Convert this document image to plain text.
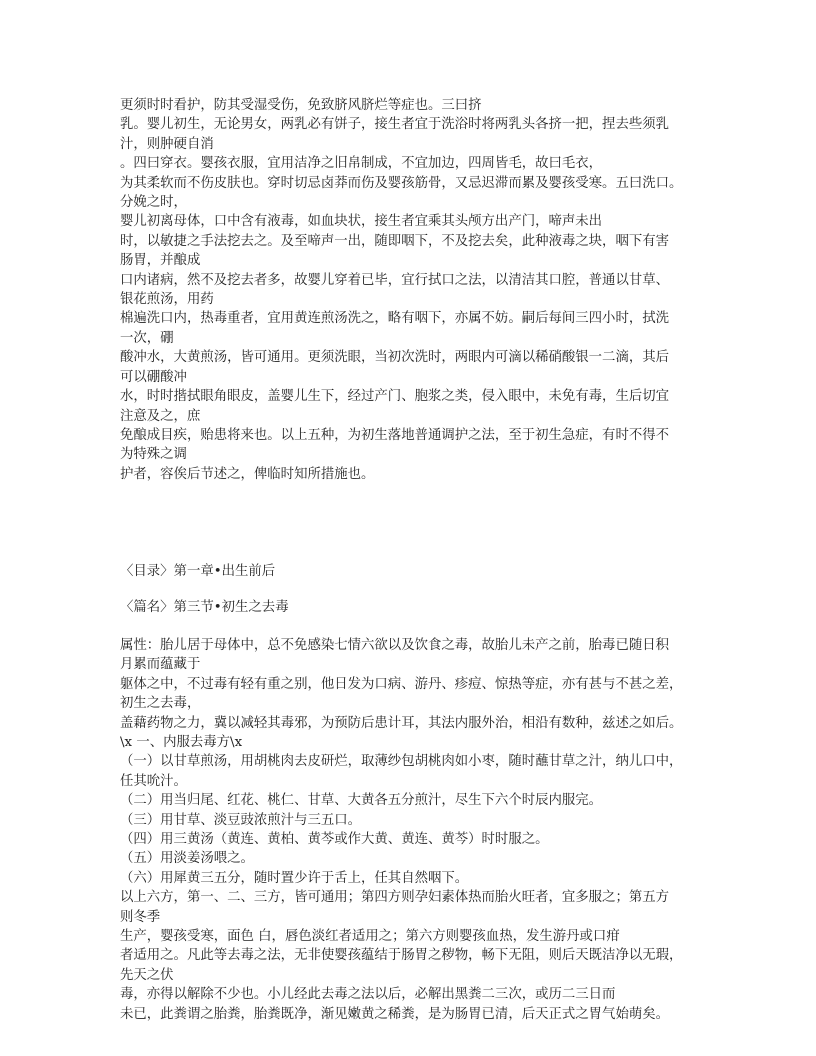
更须时时看护，防其受湿受伤，免致脐风脐烂等症也。三曰挤
乳。婴儿初生，无论男女，两乳必有饼子，接生者宜于洗浴时将两乳头各挤一把，捏去些须乳
汁，则肿硬自消
。四曰穿衣。婴孩衣服，宜用洁净之旧帛制成，不宜加边，四周皆毛，故曰毛衣，
为其柔软而不伤皮肤也。穿时切忌卤莽而伤及婴孩筋骨，又忌迟滞而累及婴孩受寒。五曰洗口。
分娩之时，
婴儿初离母体，口中含有液毒，如血块状，接生者宜乘其头颅方出产门，啼声未出
时，以敏捷之手法挖去之。及至啼声一出，随即咽下，不及挖去矣，此种液毒之块，咽下有害
肠胃，并酿成
口内诸病，然不及挖去者多，故婴儿穿着已毕，宜行拭口之法，以清洁其口腔，普通以甘草、
银花煎汤，用药
棉遍洗口内，热毒重者，宜用黄连煎汤洗之，略有咽下，亦属不妨。嗣后每间三四小时，拭洗
一次，硼
酸冲水，大黄煎汤，皆可通用。更须洗眼，当初次洗时，两眼内可滴以稀硝酸银一二滴，其后
可以硼酸冲
水，时时揩拭眼角眼皮，盖婴儿生下，经过产门、胞浆之类，侵入眼中，未免有毒，生后切宜
注意及之，庶
免酿成目疾，贻患将来也。以上五种，为初生落地普通调护之法，至于初生急症，有时不得不
为特殊之调
护者，容俟后节述之，俾临时知所措施也。
〈目录〉第一章•出生前后
〈篇名〉第三节•初生之去毒
属性：胎儿居于母体中，总不免感染七情六欲以及饮食之毒，故胎儿未产之前，胎毒已随日积
月累而蕴藏于
躯体之中，不过毒有轻有重之别，他日发为口病、游丹、疹痘、惊热等症，亦有甚与不甚之差，
初生之去毒，
盖藉药物之力，冀以减轻其毒邪，为预防后患计耳，其法内服外治，相沿有数种，兹述之如后。
\x 一、内服去毒方\x
（一）以甘草煎汤，用胡桃肉去皮研烂，取薄纱包胡桃肉如小枣，随时蘸甘草之汁，纳儿口中，
任其吮汁。
（二）用当归尾、红花、桃仁、甘草、大黄各五分煎汁，尽生下六个时辰内服完。
（三）用甘草、淡豆豉浓煎汁与三五口。
（四）用三黄汤（黄连、黄柏、黄芩或作大黄、黄连、黄芩）时时服之。
（五）用淡姜汤喂之。
（六）用犀黄三五分，随时置少许于舌上，任其自然咽下。
以上六方，第一、二、三方，皆可通用；第四方则孕妇素体热而胎火旺者，宜多服之；第五方
则冬季
生产，婴孩受寒，面色 白，唇色淡红者适用之；第六方则婴孩血热，发生游丹或口疳
者适用之。凡此等去毒之法，无非使婴孩蕴结于肠胃之秽物，畅下无阻，则后天既洁净以无瑕，
先天之伏
毒，亦得以解除不少也。小儿经此去毒之法以后，必解出黑粪二三次，或历二三日而
未已，此粪谓之胎粪，胎粪既净，渐见嫩黄之稀粪，是为肠胃已清，后天正式之胃气始萌矣。
